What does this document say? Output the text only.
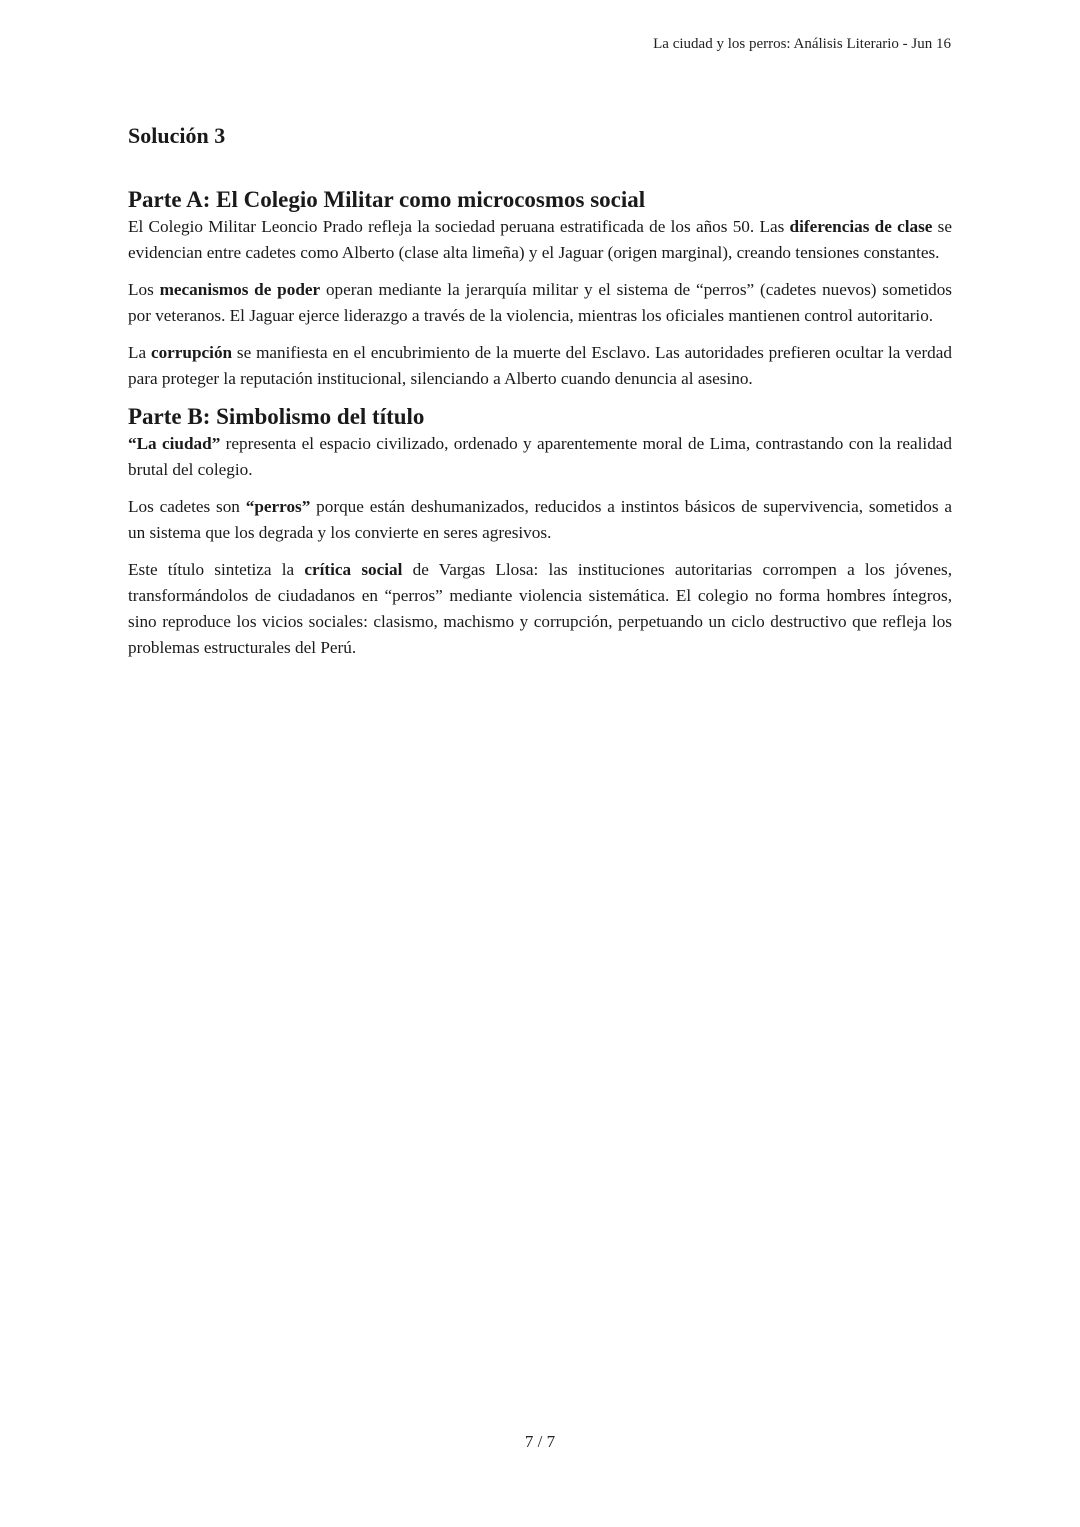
La ciudad y los perros: Análisis Literario - Jun 16
Solución 3
Parte A: El Colegio Militar como microcosmos social

El Colegio Militar Leoncio Prado refleja la sociedad peruana estratificada de los años 50. Las diferencias de clase se evidencian entre cadetes como Alberto (clase alta limeña) y el Jaguar (origen marginal), creando tensiones constantes.

Los mecanismos de poder operan mediante la jerarquía militar y el sistema de “perros” (cadetes nuevos) sometidos por veteranos. El Jaguar ejerce liderazgo a través de la violencia, mientras los oficiales mantienen control autoritario.

La corrupción se manifiesta en el encubrimiento de la muerte del Esclavo. Las autoridades prefieren ocultar la verdad para proteger la reputación institucional, silenciando a Alberto cuando denuncia al asesino.

Parte B: Simbolismo del título

“La ciudad” representa el espacio civilizado, ordenado y aparentemente moral de Lima, contrastando con la realidad brutal del colegio.

Los cadetes son “perros” porque están deshumanizados, reducidos a instintos básicos de supervivencia, sometidos a un sistema que los degrada y los convierte en seres agresivos.

Este título sintetiza la crítica social de Vargas Llosa: las instituciones autoritarias corrompen a los jóvenes, transformándolos de ciudadanos en “perros” mediante violencia sistemática. El colegio no forma hombres íntegros, sino reproduce los vicios sociales: clasismo, machismo y corrupción, perpetuando un ciclo destructivo que refleja los problemas estructurales del Perú.

7 / 7
